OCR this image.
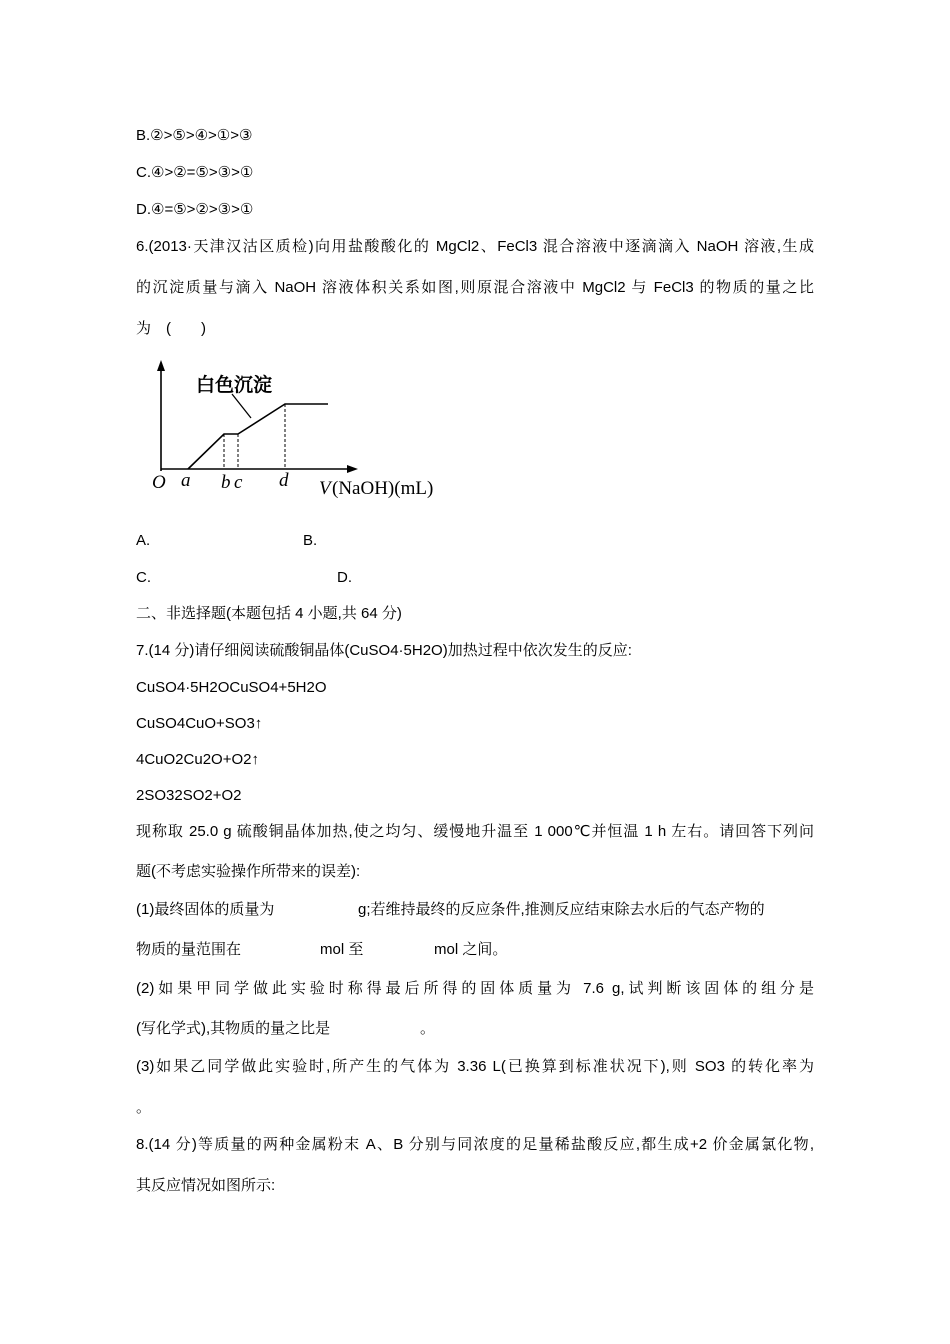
B.②>⑤>④>①>③
C.④>②=⑤>③>①
D.④=⑤>②>③>①
6.(2013·天津汉沽区质检)向用盐酸酸化的 MgCl2、FeCl3 混合溶液中逐滴滴入 NaOH 溶液,生成
的沉淀质量与滴入 NaOH 溶液体积关系如图,则原混合溶液中 MgCl2 与 FeCl3 的物质的量之比
为　(　　)
白色沉淀
O a b c d V (NaOH)(mL)
A.	B.
C.	D.
二、非选择题(本题包括 4 小题,共 64 分)
7.(14 分)请仔细阅读硫酸铜晶体(CuSO4·5H2O)加热过程中依次发生的反应:
CuSO4·5H2OCuSO4+5H2O
CuSO4CuO+SO3↑
4CuO2Cu2O+O2↑
2SO32SO2+O2
现称取 25.0 g 硫酸铜晶体加热,使之均匀、缓慢地升温至 1 000℃并恒温 1 h 左右。请回答下列问
题(不考虑实验操作所带来的误差):
(1)最终固体的质量为	g;若维持最终的反应条件,推测反应结束除去水后的气态产物的
物质的量范围在	mol 至	mol 之间。
(2)如果甲同学做此实验时称得最后所得的固体质量为 7.6 g,试判断该固体的组分是
(写化学式),其物质的量之比是	。
(3)如果乙同学做此实验时,所产生的气体为 3.36 L(已换算到标准状况下),则 SO3 的转化率为
。
8.(14 分)等质量的两种金属粉末 A、B 分别与同浓度的足量稀盐酸反应,都生成+2 价金属氯化物,
其反应情况如图所示:
